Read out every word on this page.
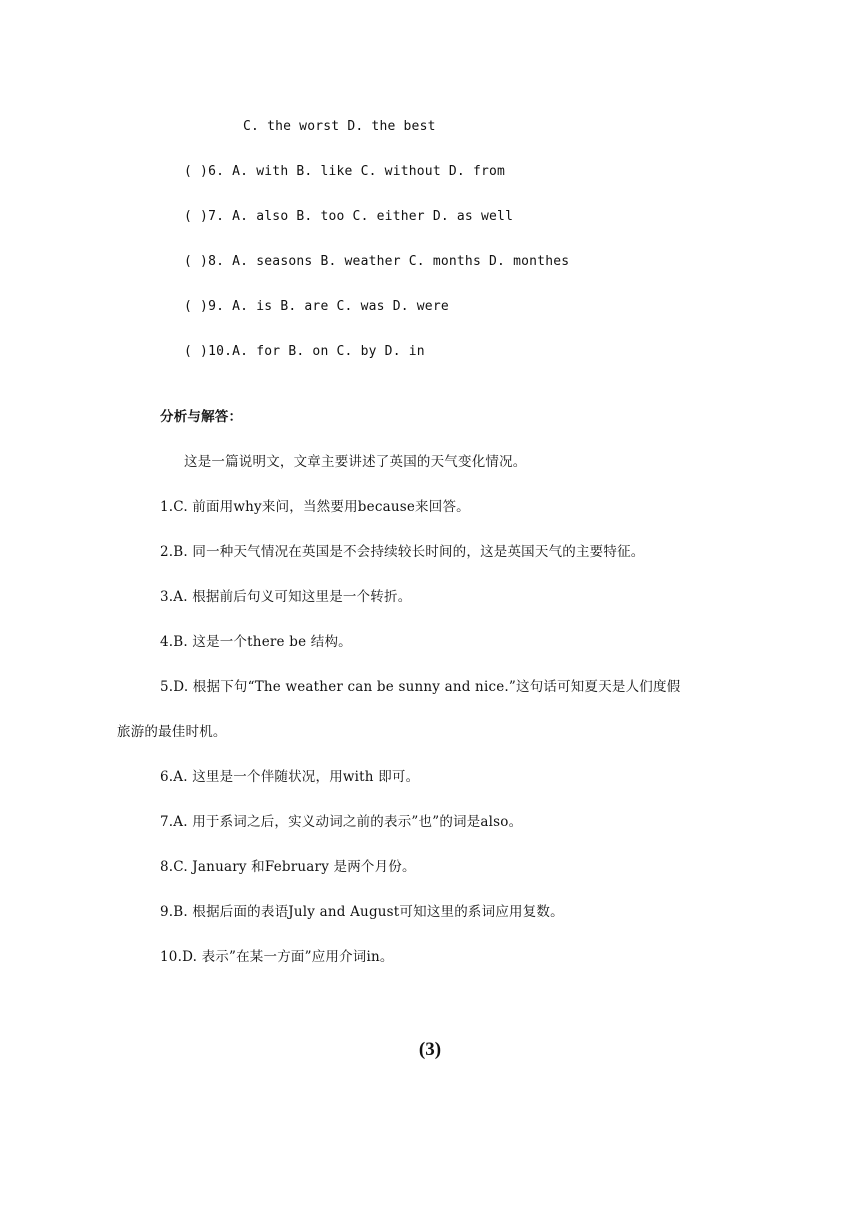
C. the worst D. the best
( )6. A. with B. like C. without D. from
( )7. A. also B. too C. either D. as well
( )8. A. seasons B. weather C. months D. monthes
( )9. A. is B. are C. was D. were
( )10.A. for B. on C. by D. in
分析与解答：
这是一篇说明文，文章主要讲述了英国的天气变化情况。
1.C. 前面用why来问，当然要用because来回答。
2.B. 同一种天气情况在英国是不会持续较长时间的，这是英国天气的主要特征。
3.A. 根据前后句义可知这里是一个转折。
4.B. 这是一个there be 结构。
5.D. 根据下句“The weather can be sunny and nice.”这句话可知夏天是人们度假
旅游的最佳时机。
6.A. 这里是一个伴随状况，用with 即可。
7.A. 用于系词之后，实义动词之前的表示”也”的词是also。
8.C. January 和February 是两个月份。
9.B. 根据后面的表语July and August可知这里的系词应用复数。
10.D. 表示”在某一方面”应用介词in。
(3)
